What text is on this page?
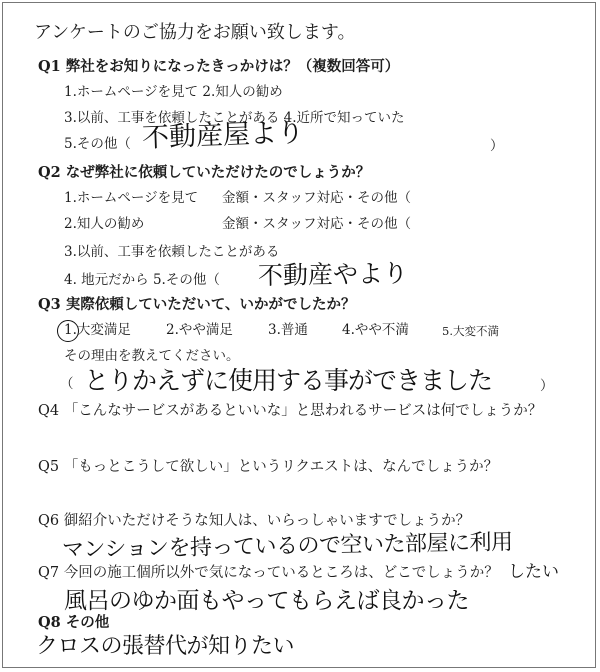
アンケートのご協力をお願い致します。
Q1 弊社をお知りになったきっかけは？（複数回答可）
1.ホームページを見て 2.知人の勧め
3.以前、工事を依頼したことがある 4.近所で知っていた
5.その他（	）
不動産屋より
Q2 なぜ弊社に依頼していただけたのでしょうか？
1.ホームページを見て 金額・スタッフ対応・その他（
2.知人の勧め	金額・スタッフ対応・その他（
3.以前、工事を依頼したことがある
4. 地元だから 5.その他（ 不動産やより
Q3 実際依頼していただいて、いかがでしたか？
1.大変満足	2.やや満足	3.普通	4.やや不満	5.大変不満
その理由を教えてください。
（	）
とりかえずに使用する事ができました
Q4 「こんなサービスがあるといいな」と思われるサービスは何でしょうか？
Q5 「もっとこうして欲しい」というリクエストは、なんでしょうか？
Q6 御紹介いただけそうな知人は、いらっしゃいますでしょうか？
マンションを持っているので空いた部屋に利用
したい
Q7 今回の施工個所以外で気になっているところは、どこでしょうか？
風呂のゆか面もやってもらえば良かった
Q8 その他
クロスの張替代が知りたい
